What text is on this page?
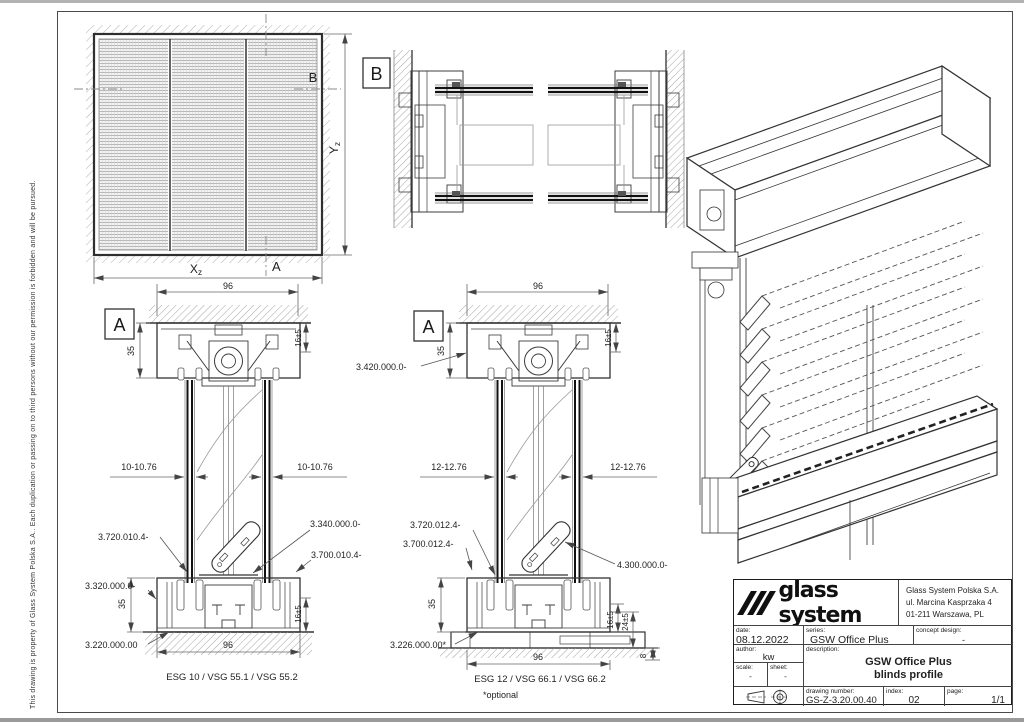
This drawing is property of Glass System Polska S.A.. Each duplication or passing on to third persons without our permission is forbidden and will be pursued.
B
A
Yz
Xz
B
A
96
35
16±5
10-10.76	10-10.76
3.720.010.4-
3.340.000.0-
3.700.010.4-
3.320.000.0-
3.220.000.00
35
16±5
96
ESG 10 / VSG 55.1 / VSG 55.2
A
96
35
16±5
3.420.000.0-
12-12.76	12-12.76
3.720.012.4-
3.700.012.4-
4.300.000.0-
3.226.000.00*
35
16±5 24±5
8
96
ESG 12 / VSG 66.1 / VSG 66.2
*optional
glass system
Glass System Polska S.A.
ul. Marcina Kasprzaka 4
01-211 Warszawa, PL
date:
08.12.2022
series:
GSW Office Plus
concept design:
-
author:
kw
description:
GSW Office Plus
blinds profile
scale:
-
sheet:
-
drawing number:
GS-Z-3.20.00.40
index:
02
page:
1/1
